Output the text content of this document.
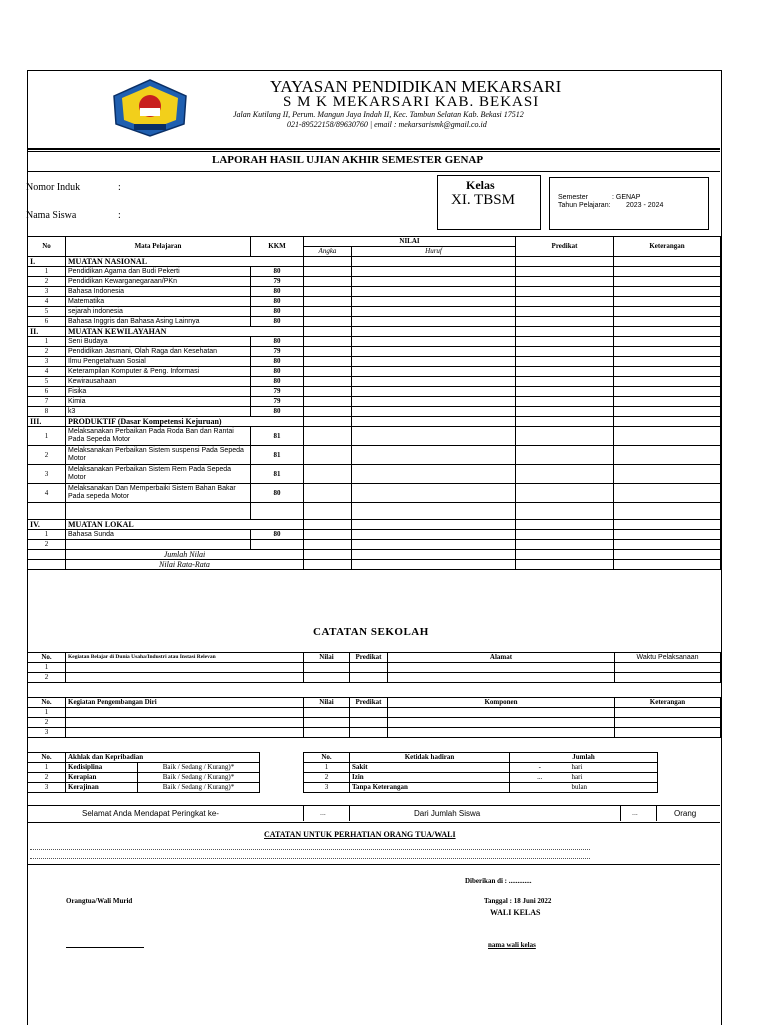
YAYASAN PENDIDIKAN MEKARSARI
S M K MEKARSARI KAB. BEKASI
Jalan Kutilang II, Perum. Mangun Jaya Indah II, Kec. Tambun Selatan Kab. Bekasi 17512
021-89522158/89630760 | email : mekarsarismk@gmail.co.id
LAPORAH HASIL UJIAN AKHIR SEMESTER GENAP
Nomor Induk	:
Nama Siswa	:
Kelas
XI. TBSM	Semester	: GENAP
Tahun Pelajaran: 2023 - 2024
No	Mata Pelajaran	KKM	NILAI		Predikat	Keterangan
			Angka	Huruf		
I.	MUATAN NASIONAL					
1	Pendidikan Agama dan Budi Pekerti	80				
2	Pendidikan Kewarganegaraan/PKn	79				
3	Bahasa Indonesia	80				
4	Matematika	80				
5	sejarah indonesia	80				
6	Bahasa Inggris dan Bahasa Asing Lainnya	80				
II.	MUATAN KEWILAYAHAN					
1	Seni Budaya	80				
2	Pendidikan Jasmani, Olah Raga dan Kesehatan	79				
3	Ilmu Pengetahuan Sosial	80				
4	Keterampilan Komputer & Peng. Informasi	80				
5	Kewirausahaan	80				
6	Fisika	79				
7	Kimia	79				
8	k3	80				
III.	PRODUKTIF (Dasar Kompetensi Kejuruan)					
1	Melaksanakan Perbaikan Pada Roda Ban dan Rantai Pada Sepeda Motor	81				
2	Melaksanakan Perbaikan Sistem suspensi Pada Sepeda Motor	81				
3	Melaksanakan Perbaikan Sistem Rem Pada Sepeda Motor	81				
4	Melaksanakan Dan Memperbaiki Sistem Bahan Bakar Pada sepeda Motor	80				

IV.	MUATAN LOKAL					
1	Bahasa Sunda	80				
2						
	Jumlah Nilai					
	Nilai Rata-Rata					
CATATAN SEKOLAH
No.	Kegiatan Belajar di Dunia Usaha/Industri atau Instasi Relevan	Nilai	Predikat	Alamat	Waktu Pelaksanaan
1					
2					
No.	Kegiatan Pengembangan Diri	Nilai	Predikat	Komponen	Keterangan
1					
2					
3					
No.	Akhlak dan Kepribadian	
1	Kedisiplina	Baik / Sedang / Kurang)*
2	Kerapian	Baik / Sedang / Kurang)*
3	Kerajinan	Baik / Sedang / Kurang)*
No.	Ketidak hadiran	Jumlah	
1	Sakit	-	hari
2	Izin	...	hari
3	Tanpa Keterangan		bulan
Selamat Anda Mendapat Peringkat ke-	...	Dari Jumlah Siswa	...	Orang
CATATAN UNTUK PERHATIAN ORANG TUA/WALI
Diberikan di : .............
Orangtua/Wali Murid	Tanggal : 18 Juni 2022
WALI KELAS
nama wali kelas
